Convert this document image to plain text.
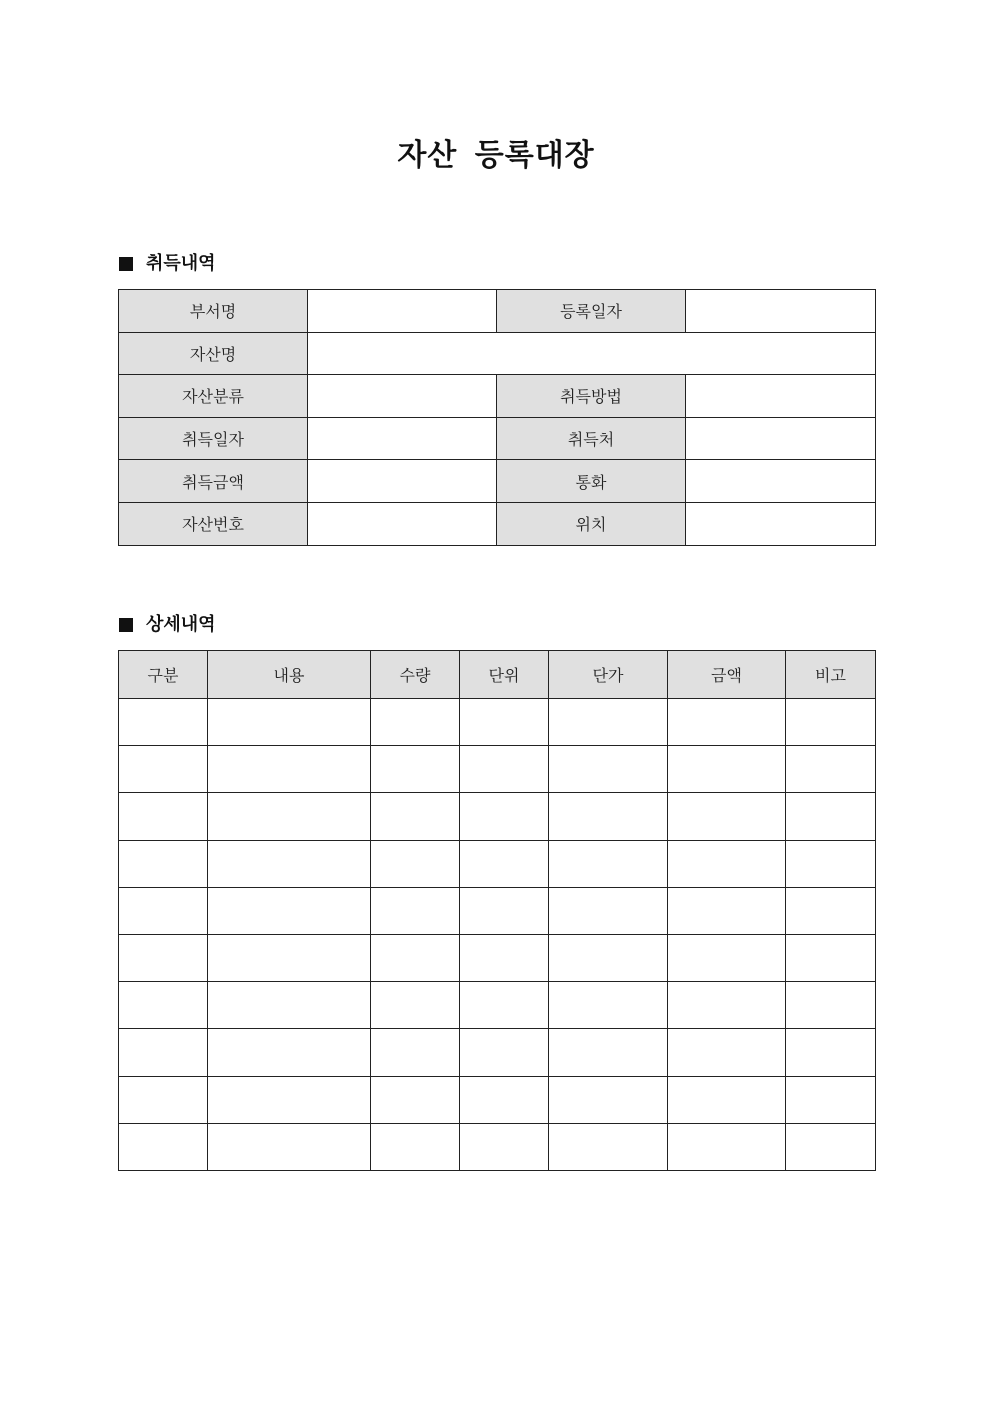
자산 등록대장
취득내역
부서명		등록일자	
자산명			
자산분류		취득방법	
취득일자		취득처	
취득금액		통화	
자산번호		위치	
상세내역
구분	내용	수량	단위	단가	금액	비고
